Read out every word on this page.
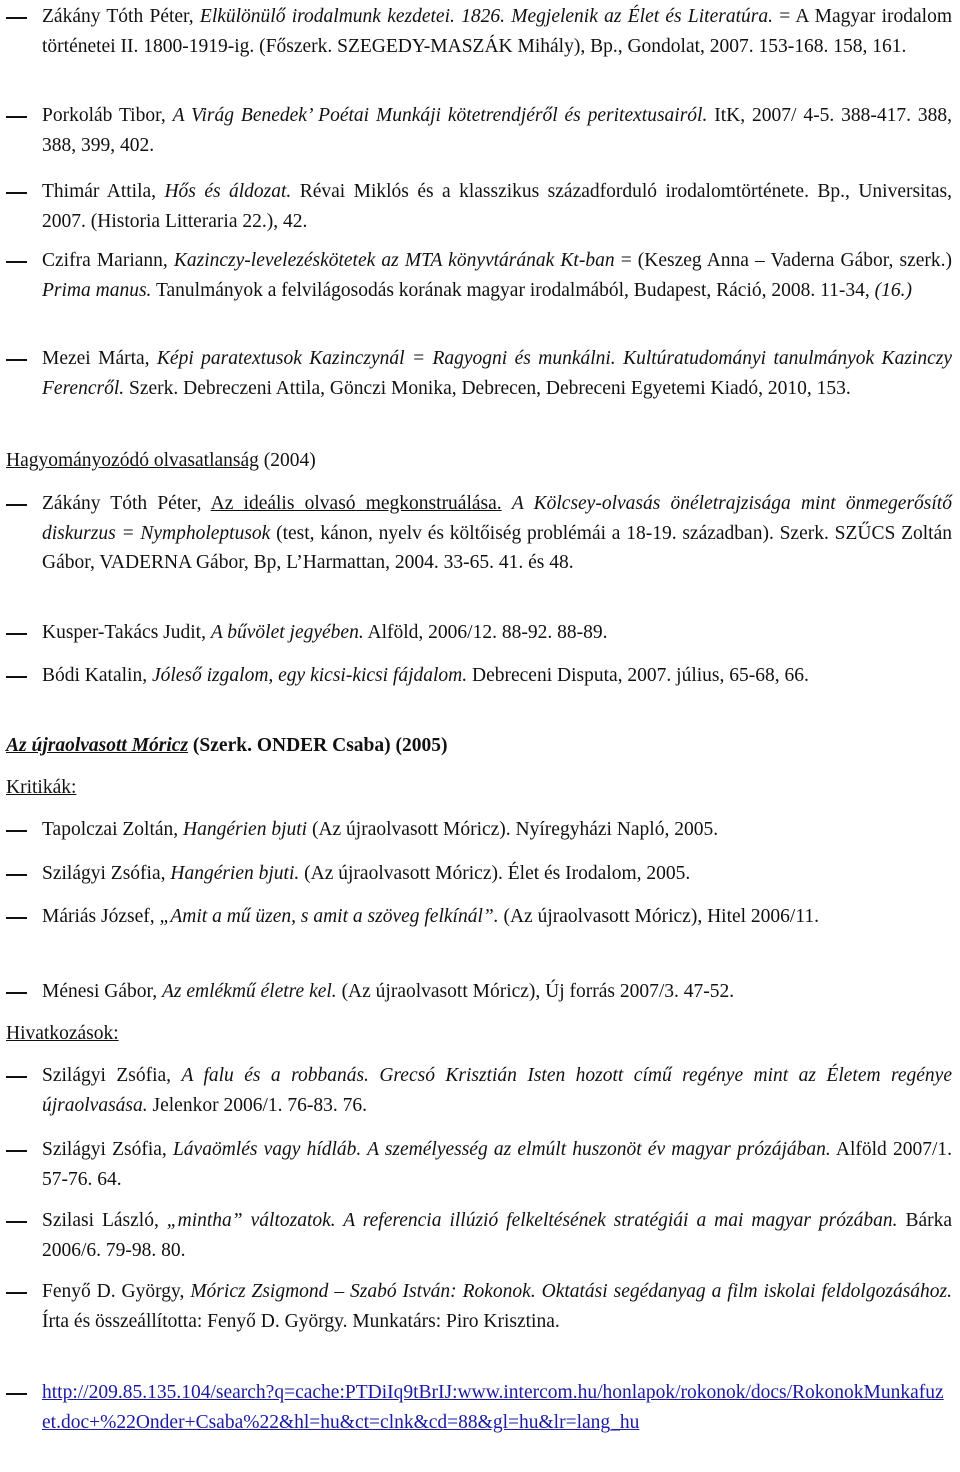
Zákány Tóth Péter, Elkülönülő irodalmunk kezdetei. 1826. Megjelenik az Élet és Literatúra. = A Magyar irodalom történetei II. 1800-1919-ig. (Főszerk. SZEGEDY-MASZÁK Mihály), Bp., Gondolat, 2007. 153-168. 158, 161.
Porkoláb Tibor, A Virág Benedek’ Poétai Munkáji kötetrendjéről és peritextusairól. ItK, 2007/ 4-5. 388-417. 388, 388, 399, 402.
Thimár Attila, Hős és áldozat. Révai Miklós és a klasszikus századforduló irodalomtörténete. Bp., Universitas, 2007. (Historia Litteraria 22.), 42.
Czifra Mariann, Kazinczy-levelezéskötetek az MTA könyvtárának Kt-ban = (Keszeg Anna – Vaderna Gábor, szerk.) Prima manus. Tanulmányok a felvilágosodás korának magyar irodalmából, Budapest, Ráció, 2008. 11-34, (16.)
Mezei Márta, Képi paratextusok Kazinczynál = Ragyogni és munkálni. Kultúratudományi tanulmányok Kazinczy Ferencről. Szerk. Debreczeni Attila, Gönczi Monika, Debrecen, Debreceni Egyetemi Kiadó, 2010, 153.
Hagyományozódó olvasatlanság (2004)
Zákány Tóth Péter, Az ideális olvasó megkonstruálása. A Kölcsey-olvasás önéletrajzisága mint önmegerősítő diskurzus = Nympholeptusok (test, kánon, nyelv és költőiség problémái a 18-19. században). Szerk. SZŰCS Zoltán Gábor, VADERNA Gábor, Bp, L’Harmattan, 2004. 33-65. 41. és 48.
Kusper-Takács Judit, A bűvölet jegyében. Alföld, 2006/12. 88-92. 88-89.
Bódi Katalin, Jóleső izgalom, egy kicsi-kicsi fájdalom. Debreceni Disputa, 2007. július, 65-68, 66.
Az újraolvasott Móricz (Szerk. ONDER Csaba) (2005)
Kritikák:
Tapolczai Zoltán, Hangérien bjuti (Az újraolvasott Móricz). Nyíregyházi Napló, 2005.
Szilágyi Zsófia, Hangérien bjuti. (Az újraolvasott Móricz). Élet és Irodalom, 2005.
Máriás József, „Amit a mű üzen, s amit a szöveg felkínál”. (Az újraolvasott Móricz), Hitel 2006/11.
Ménesi Gábor, Az emlékmű életre kel. (Az újraolvasott Móricz), Új forrás 2007/3. 47-52.
Hivatkozások:
Szilágyi Zsófia, A falu és a robbanás. Grecsó Krisztián Isten hozott című regénye mint az Életem regénye újraolvasása. Jelenkor 2006/1. 76-83. 76.
Szilágyi Zsófia, Lávaömlés vagy hídláb. A személyesség az elmúlt huszonöt év magyar prózájában. Alföld 2007/1. 57-76. 64.
Szilasi László, „mintha” változatok. A referencia illúzió felkeltésének stratégiái a mai magyar prózában. Bárka 2006/6. 79-98. 80.
Fenyő D. György, Móricz Zsigmond – Szabó István: Rokonok. Oktatási segédanyag a film iskolai feldolgozásához. Írta és összeállította: Fenyő D. György. Munkatárs: Piro Krisztina.
http://209.85.135.104/search?q=cache:PTDiIq9tBrIJ:www.intercom.hu/honlapok/rokonok/docs/RokonokMunkafuzet.doc+%22Onder+Csaba%22&hl=hu&ct=clnk&cd=88&gl=hu&lr=lang_hu
